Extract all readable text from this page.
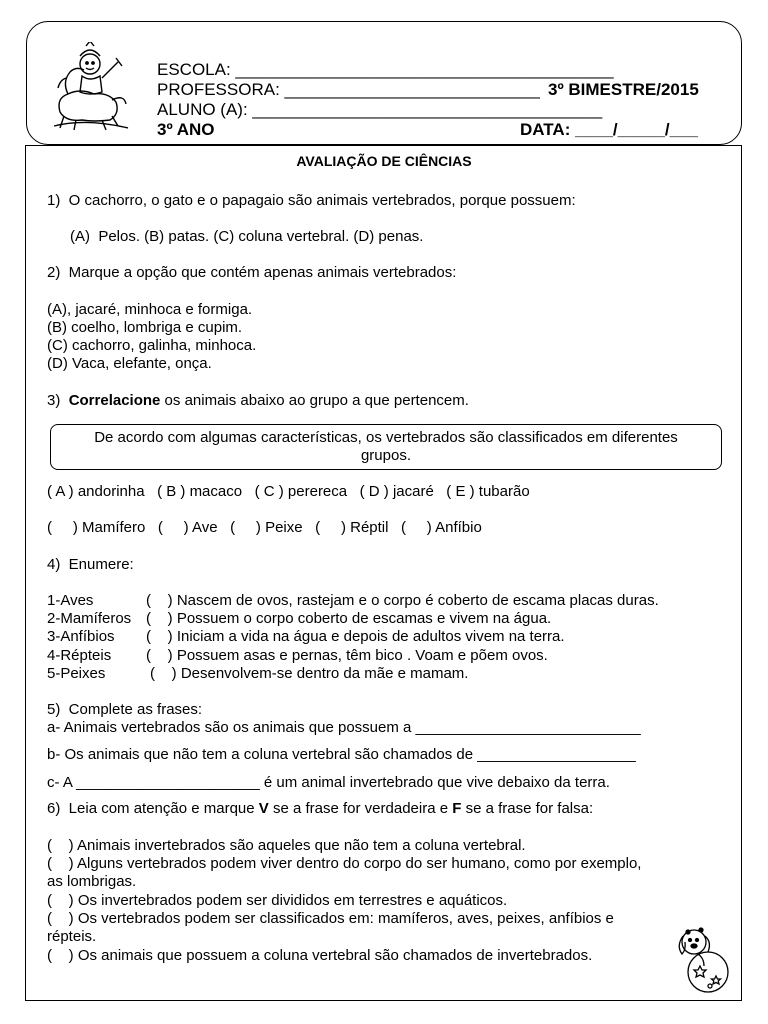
ESCOLA: ________________________________________
PROFESSORA: ___________________________ 3º BIMESTRE/2015
ALUNO (A): _____________________________________
3º ANO	DATA: ____/_____/___
AVALIAÇÃO DE CIÊNCIAS
1)  O cachorro, o gato e o papagaio são animais vertebrados, porque possuem:
(A)  Pelos. (B) patas. (C) coluna vertebral. (D) penas.
2)  Marque a opção que contém apenas animais vertebrados:
(A), jacaré, minhoca e formiga.
(B) coelho, lombriga e cupim.
(C) cachorro, galinha, minhoca.
(D) Vaca, elefante, onça.
3)  Correlacione os animais abaixo ao grupo a que pertencem.
De acordo com algumas características, os vertebrados são classificados em diferentes
grupos.
( A ) andorinha   ( B ) macaco   ( C ) perereca   ( D ) jacaré   ( E ) tubarão
(     ) Mamífero   (     ) Ave   (     ) Peixe   (     ) Réptil   (     ) Anfíbio
4)  Enumere:
1-Aves	(    ) Nascem de ovos, rastejam e o corpo é coberto de escama placas duras.
2-Mamíferos (    ) Possuem o corpo coberto de escamas e vivem na água.
3-Anfíbios (    ) Iniciam a vida na água e depois de adultos vivem na terra.
4-Répteis (    ) Possuem asas e pernas, têm bico . Voam e põem ovos.
5-Peixes	(    ) Desenvolvem-se dentro da mãe e mamam.
5)  Complete as frases:
a- Animais vertebrados são os animais que possuem a ___________________________
b- Os animais que não tem a coluna vertebral são chamados de ___________________
c- A ______________________ é um animal invertebrado que vive debaixo da terra.
6)  Leia com atenção e marque V se a frase for verdadeira e F se a frase for falsa:
(    ) Animais invertebrados são aqueles que não tem a coluna vertebral.
(    ) Alguns vertebrados podem viver dentro do corpo do ser humano, como por exemplo,
as lombrigas.
(    ) Os invertebrados podem ser divididos em terrestres e aquáticos.
(    ) Os vertebrados podem ser classificados em: mamíferos, aves, peixes, anfíbios e
répteis.
(    ) Os animais que possuem a coluna vertebral são chamados de invertebrados.
